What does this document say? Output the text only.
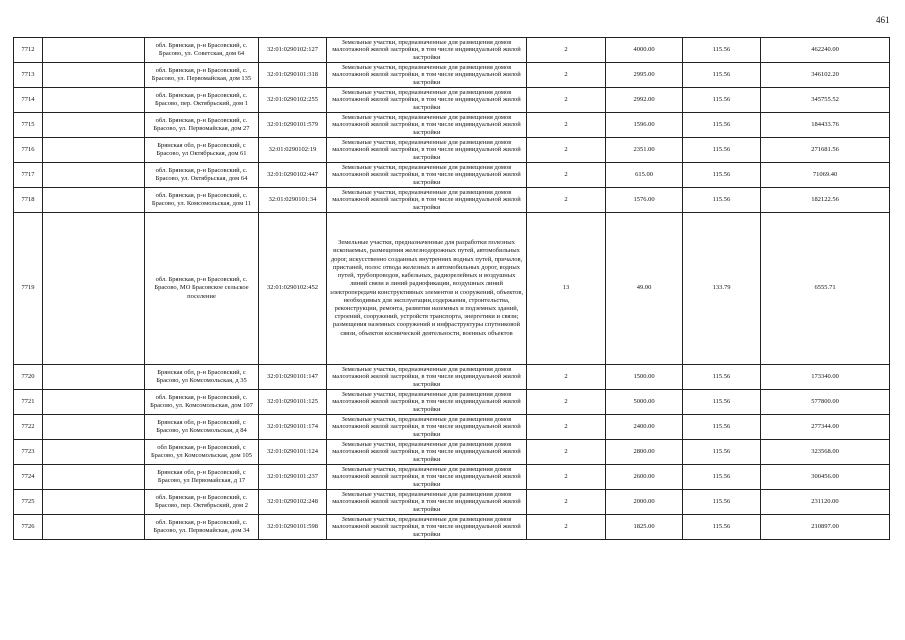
461
7712		обл. Брянская, р-н Брасовский, с. Брасово, ул. Советская, дом 64	32:01:0290102:127	Земельные участки, предназначенные для размещения домов малоэтажной жилой застройки, в том числе индивидуальной жилой застройки	2	4000.00	115.56	462240.00
7713		обл. Брянская, р-н Брасовский, с. Брасово, ул. Первомайская, дом 135	32:01:0290101:318	Земельные участки, предназначенные для размещения домов малоэтажной жилой застройки, в том числе индивидуальной жилой застройки	2	2995.00	115.56	346102.20
7714		обл. Брянская, р-н Брасовский, с. Брасово, пер. Октябрьский, дом 1	32:01:0290102:255	Земельные участки, предназначенные для размещения домов малоэтажной жилой застройки, в том числе индивидуальной жилой застройки	2	2992.00	115.56	345755.52
7715		обл. Брянская, р-н Брасовский, с. Брасово, ул. Первомайская, дом 27	32:01:0290101:579	Земельные участки, предназначенные для размещения домов малоэтажной жилой застройки, в том числе индивидуальной жилой застройки	2	1596.00	115.56	184433.76
7716		Брянская обл, р-н Брасовский, с Брасово, ул Октябрьская, дом 61	32:01:0290102:19	Земельные участки, предназначенные для размещения домов малоэтажной жилой застройки, в том числе индивидуальной жилой застройки	2	2351.00	115.56	271681.56
7717		обл. Брянская, р-н Брасовский, с. Брасово, ул. Октябрьская, дом 64	32:01:0290102:447	Земельные участки, предназначенные для размещения домов малоэтажной жилой застройки, в том числе индивидуальной жилой застройки	2	615.00	115.56	71069.40
7718		обл. Брянская, р-н Брасовский, с. Брасово, ул. Комсомольская, дом 11	32:01:0290101:34	Земельные участки, предназначенные для размещения домов малоэтажной жилой застройки, в том числе индивидуальной жилой застройки	2	1576.00	115.56	182122.56
7719		обл. Брянская, р-н Брасовский, с. Брасово, МО Брасовское сельское поселение	32:01:0290102:452	Земельные участки, предназначенные для разработки полезных ископаемых, размещения железнодорожных путей, автомобильных дорог, искусственно созданных внутренних водных путей, причалов, пристаней, полос отвода железных и автомобильных дорог, водных путей, трубопроводов, кабельных, радиорелейных и воздушных линий связи и линий радиофикации, воздушных линий электропередачи конструктивных элементов и сооружений, объектов, необходимых для эксплуатации,содержания, строительства, реконструкции, ремонта, развития наземных и подземных зданий, строений, сооружений, устройств транспорта, энергетики и связи; размещения наземных сооружений и инфраструктуры спутниковой связи, объектов космической деятельности, военных объектов	13	49.00	133.79	6555.71
7720		Брянская обл, р-н Брасовский, с Брасово, ул Комсомольская, д 35	32:01:0290101:147	Земельные участки, предназначенные для размещения домов малоэтажной жилой застройки, в том числе индивидуальной жилой застройки	2	1500.00	115.56	173340.00
7721		обл. Брянская, р-н Брасовский, с. Брасово, ул. Комсомольская, дом 107	32:01:0290101:125	Земельные участки, предназначенные для размещения домов малоэтажной жилой застройки, в том числе индивидуальной жилой застройки	2	5000.00	115.56	577800.00
7722		Брянская обл, р-н Брасовский, с Брасово, ул Комсомольская, д 84	32:01:0290101:174	Земельные участки, предназначенные для размещения домов малоэтажной жилой застройки, в том числе индивидуальной жилой застройки	2	2400.00	115.56	277344.00
7723		обл Брянская, р-н Брасовский, с Брасово, ул Комсомольская, дом 105	32:01:0290101:124	Земельные участки, предназначенные для размещения домов малоэтажной жилой застройки, в том числе индивидуальной жилой застройки	2	2800.00	115.56	323568.00
7724		Брянская обл, р-н Брасовский, с Брасово, ул Первомайская, д 17	32:01:0290101:237	Земельные участки, предназначенные для размещения домов малоэтажной жилой застройки, в том числе индивидуальной жилой застройки	2	2600.00	115.56	300456.00
7725		обл. Брянская, р-н Брасовский, с. Брасово, пер. Октябрьский, дом 2	32:01:0290102:248	Земельные участки, предназначенные для размещения домов малоэтажной жилой застройки, в том числе индивидуальной жилой застройки	2	2000.00	115.56	231120.00
7726		обл. Брянская, р-н Брасовский, с. Брасово, ул. Первомайская, дом 34	32:01:0290101:598	Земельные участки, предназначенные для размещения домов малоэтажной жилой застройки, в том числе индивидуальной жилой застройки	2	1825.00	115.56	210897.00
